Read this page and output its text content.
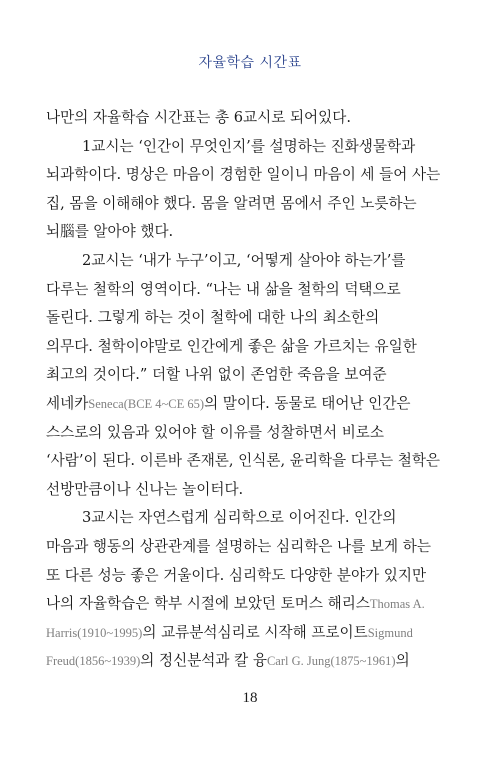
자율학습 시간표
나만의 자율학습 시간표는 총 6교시로 되어있다.
1교시는 ‘인간이 무엇인지’를 설명하는 진화생물학과
뇌과학이다. 명상은 마음이 경험한 일이니 마음이 세 들어 사는
집, 몸을 이해해야 했다. 몸을 알려면 몸에서 주인 노릇하는
뇌腦를 알아야 했다.
2교시는 ‘내가 누구’이고, ‘어떻게 살아야 하는가’를
다루는 철학의 영역이다. “나는 내 삶을 철학의 덕택으로
돌린다. 그렇게 하는 것이 철학에 대한 나의 최소한의
의무다. 철학이야말로 인간에게 좋은 삶을 가르치는 유일한
최고의 것이다.” 더할 나위 없이 존엄한 죽음을 보여준
세네카Seneca(BCE 4~CE 65)의 말이다. 동물로 태어난 인간은
스스로의 있음과 있어야 할 이유를 성찰하면서 비로소
‘사람’이 된다. 이른바 존재론, 인식론, 윤리학을 다루는 철학은
선방만큼이나 신나는 놀이터다.
3교시는 자연스럽게 심리학으로 이어진다. 인간의
마음과 행동의 상관관계를 설명하는 심리학은 나를 보게 하는
또 다른 성능 좋은 거울이다. 심리학도 다양한 분야가 있지만
나의 자율학습은 학부 시절에 보았던 토머스 해리스Thomas A.
Harris(1910~1995)의 교류분석심리로 시작해 프로이트Sigmund
Freud(1856~1939)의 정신분석과 칼 융Carl G. Jung(1875~1961)의
18
